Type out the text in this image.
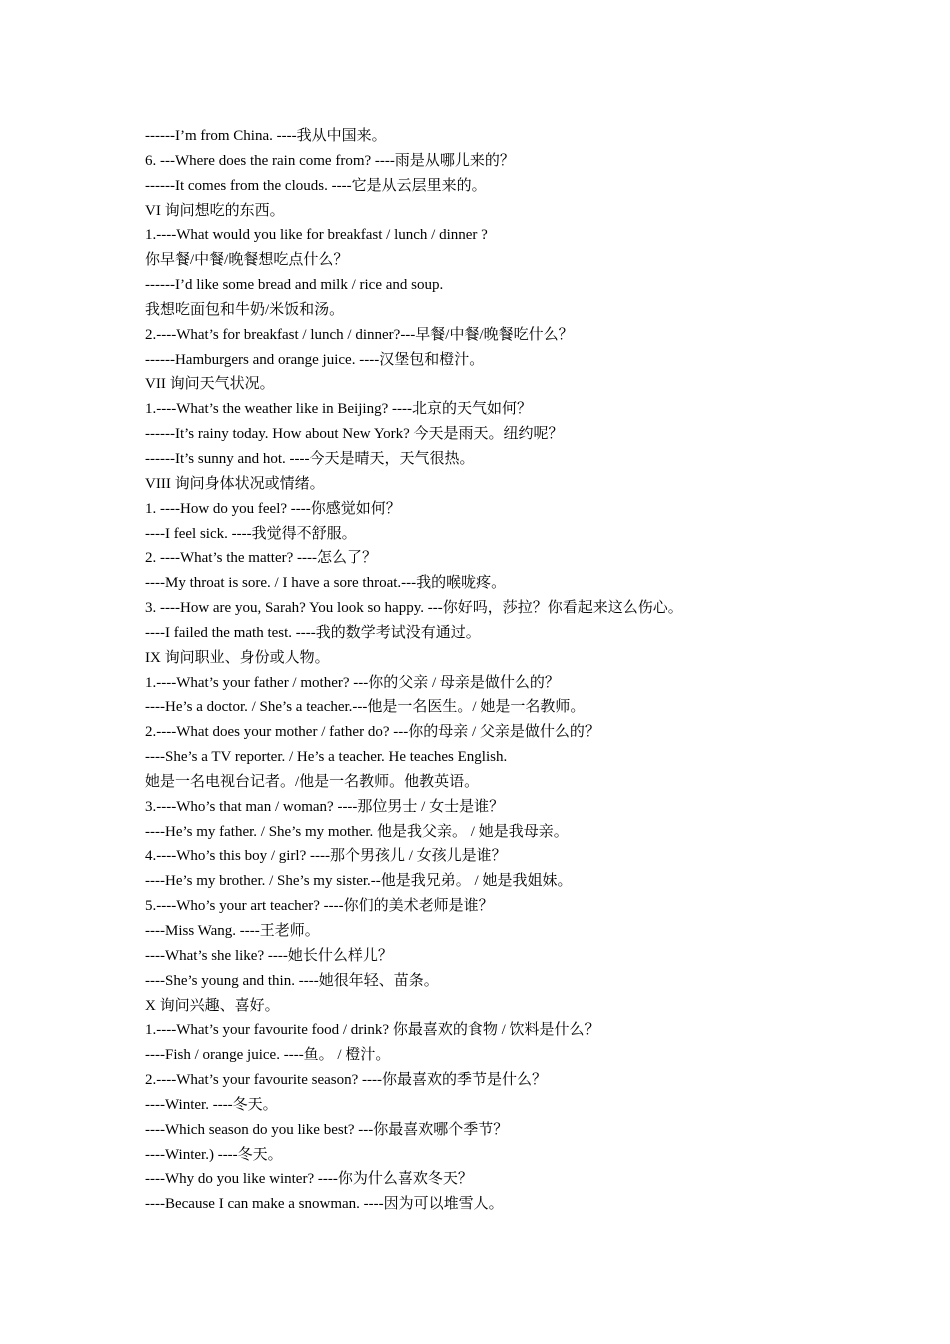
------I’m from China. ----我从中国来。

6. ---Where does the rain come from? ----雨是从哪儿来的？

------It comes from the clouds. ----它是从云层里来的。

VI 询问想吃的东西。

1.----What would you like for breakfast / lunch / dinner ?

你早餐/中餐/晚餐想吃点什么？

------I’d like some bread and milk / rice and soup.

我想吃面包和牛奶/米饭和汤。

2.----What’s for breakfast / lunch / dinner?---早餐/中餐/晚餐吃什么？

------Hamburgers and orange juice. ----汉堡包和橙汁。

VII 询问天气状况。

1.----What’s the weather like in Beijing? ----北京的天气如何？

------It’s rainy today. How about New York? 今天是雨天。纽约呢？

------It’s sunny and hot. ----今天是晴天，天气很热。

VIII 询问身体状况或情绪。

1. ----How do you feel? ----你感觉如何？

----I feel sick. ----我觉得不舒服。

2. ----What’s the matter? ----怎么了？

----My throat is sore. / I have a sore throat.---我的喉咙疼。

3. ----How are you, Sarah? You look so happy. ---你好吗，莎拉？你看起来这么伤心。

----I failed the math test. ----我的数学考试没有通过。

IX 询问职业、身份或人物。

1.----What’s your father / mother? ---你的父亲 / 母亲是做什么的？

----He’s a doctor. / She’s a teacher.---他是一名医生。/ 她是一名教师。

2.----What does your mother / father do? ---你的母亲 / 父亲是做什么的？

----She’s a TV reporter. / He’s a teacher. He teaches English.

她是一名电视台记者。/他是一名教师。他教英语。

3.----Who’s that man / woman? ----那位男士 / 女士是谁？

----He’s my father. / She’s my mother. 他是我父亲。 / 她是我母亲。

4.----Who’s this boy / girl? ----那个男孩儿 / 女孩儿是谁？

----He’s my brother. / She’s my sister.--他是我兄弟。 / 她是我姐妹。

5.----Who’s your art teacher? ----你们的美术老师是谁？

----Miss Wang. ----王老师。

----What’s she like? ----她长什么样儿？

----She’s young and thin. ----她很年轻、苗条。

X 询问兴趣、喜好。

1.----What’s your favourite food / drink? 你最喜欢的食物 / 饮料是什么？

----Fish / orange juice. ----鱼。 / 橙汁。

2.----What’s your favourite season? ----你最喜欢的季节是什么？

----Winter. ----冬天。

----Which season do you like best? ---你最喜欢哪个季节？

----Winter.) ----冬天。

----Why do you like winter? ----你为什么喜欢冬天？

----Because I can make a snowman. ----因为可以堆雪人。
